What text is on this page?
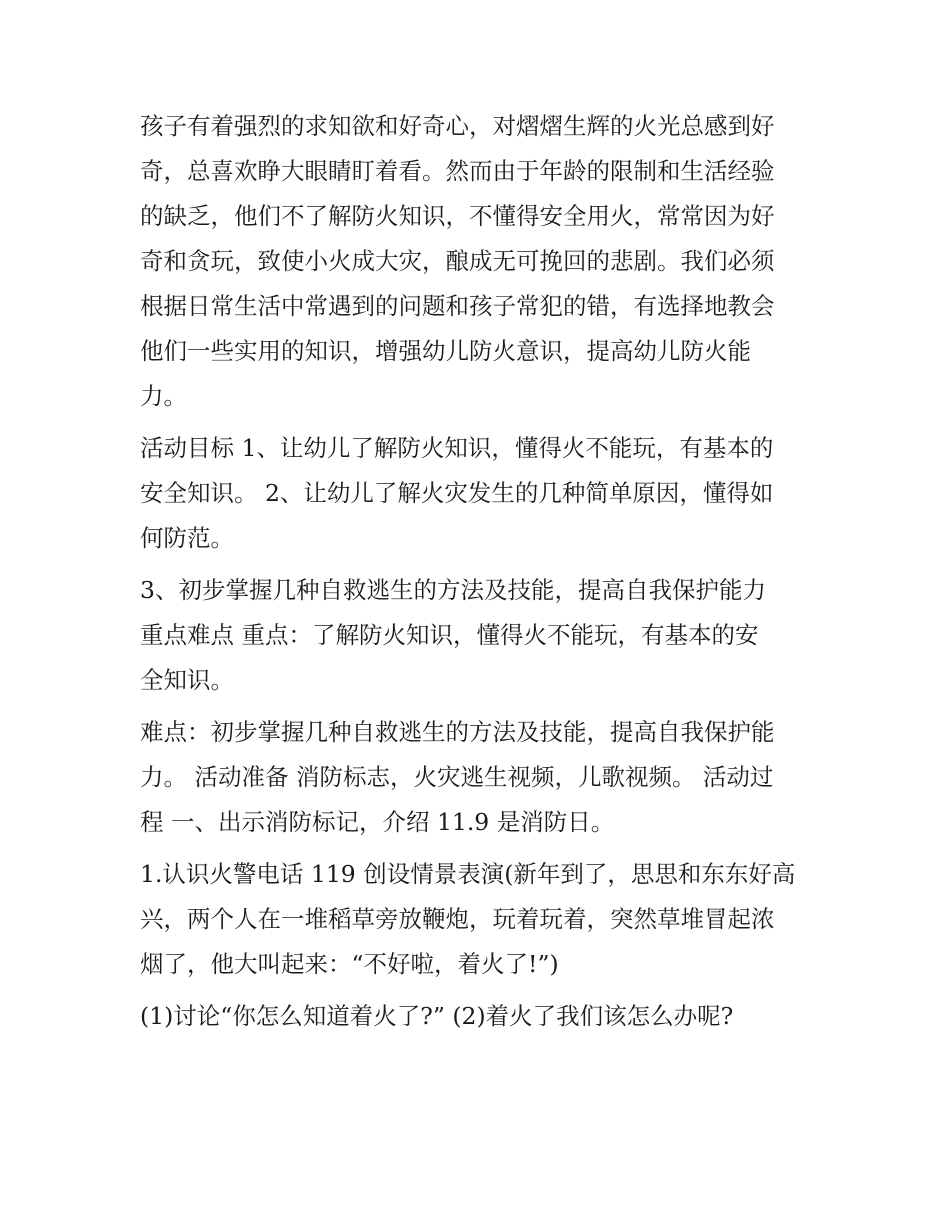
孩子有着强烈的求知欲和好奇心，对熠熠生辉的火光总感到好
奇，总喜欢睁大眼睛盯着看。然而由于年龄的限制和生活经验
的缺乏，他们不了解防火知识，不懂得安全用火，常常因为好
奇和贪玩，致使小火成大灾，酿成无可挽回的悲剧。我们必须
根据日常生活中常遇到的问题和孩子常犯的错，有选择地教会
他们一些实用的知识，增强幼儿防火意识，提高幼儿防火能
力。
活动目标 1、让幼儿了解防火知识，懂得火不能玩，有基本的
安全知识。 2、让幼儿了解火灾发生的几种简单原因，懂得如
何防范。
3、初步掌握几种自救逃生的方法及技能，提高自我保护能力
重点难点 重点：了解防火知识，懂得火不能玩，有基本的安
全知识。
难点：初步掌握几种自救逃生的方法及技能，提高自我保护能
力。 活动准备 消防标志，火灾逃生视频，儿歌视频。 活动过
程 一、出示消防标记，介绍 11.9 是消防日。
1.认识火警电话 119 创设情景表演(新年到了，思思和东东好高
兴，两个人在一堆稻草旁放鞭炮，玩着玩着，突然草堆冒起浓
烟了，他大叫起来：“不好啦，着火了!”)
(1)讨论“你怎么知道着火了?” (2)着火了我们该怎么办呢?
